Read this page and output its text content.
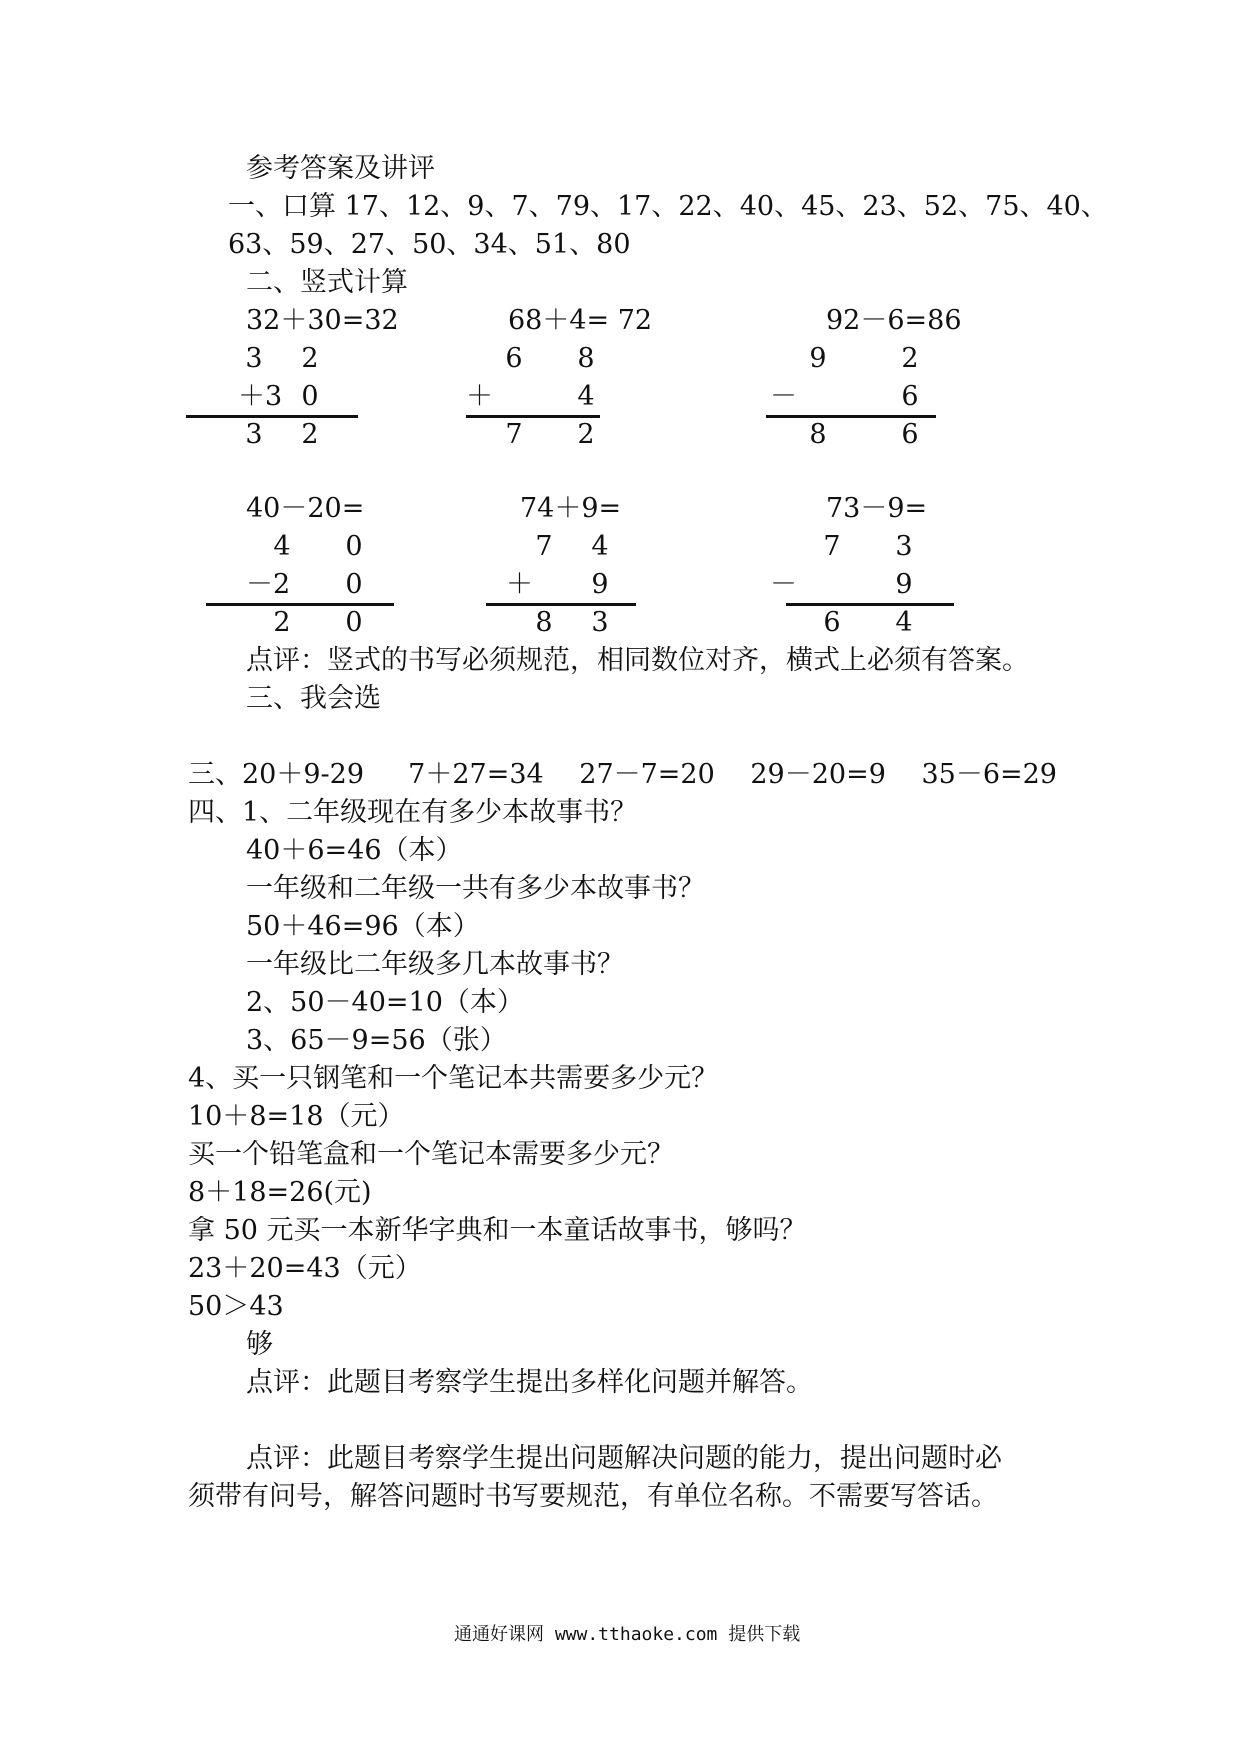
参考答案及讲评
一、口算 17、12、9、7、79、17、22、40、45、23、52、75、40、
63、59、27、50、34、51、80
二、竖式计算
32＋30=32
3	2
＋3 0
3	2
68＋4= 72
6	8
＋	4
7	2
92－6=86
9	2
－	6
8	6
40－20=
4	0
－2	0
2	0
74＋9=
7	4
＋	9
8	3
73－9=
7	3
－	9
6	4
点评：竖式的书写必须规范，相同数位对齐，横式上必须有答案。
三、我会选
三、20＋9-29　  7＋27=34　 27－7=20　 29－20=9　 35－6=29
四、1、二年级现在有多少本故事书？
40＋6=46（本）
一年级和二年级一共有多少本故事书？
50＋46=96（本）
一年级比二年级多几本故事书？
2、50－40=10（本）
3、65－9=56（张）
4、买一只钢笔和一个笔记本共需要多少元？
10＋8=18（元）
买一个铅笔盒和一个笔记本需要多少元？
8＋18=26(元)
拿 50 元买一本新华字典和一本童话故事书，够吗？
23＋20=43（元）
50＞43
够
点评：此题目考察学生提出多样化问题并解答。
点评：此题目考察学生提出问题解决问题的能力，提出问题时必
须带有问号，解答问题时书写要规范，有单位名称。不需要写答话。
通通好课网 www.tthaoke.com 提供下载
